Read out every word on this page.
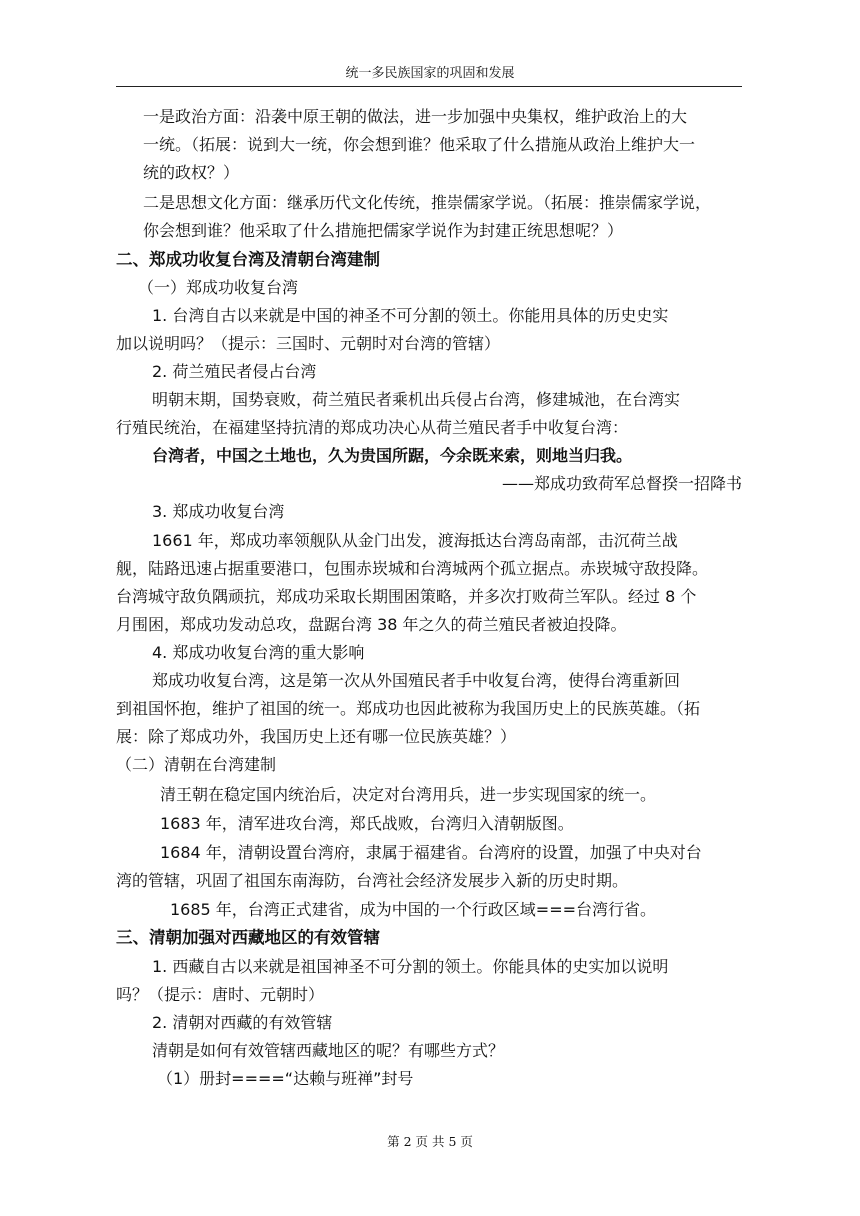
统一多民族国家的巩固和发展
一是政治方面：沿袭中原王朝的做法，进一步加强中央集权，维护政治上的大
一统。（拓展：说到大一统，你会想到谁？他采取了什么措施从政治上维护大一
统的政权？）
二是思想文化方面：继承历代文化传统，推崇儒家学说。（拓展：推崇儒家学说，
你会想到谁？他采取了什么措施把儒家学说作为封建正统思想呢？）
二、郑成功收复台湾及清朝台湾建制
（一）郑成功收复台湾
1. 台湾自古以来就是中国的神圣不可分割的领土。你能用具体的历史史实
加以说明吗？（提示：三国时、元朝时对台湾的管辖）
2. 荷兰殖民者侵占台湾
明朝末期，国势衰败，荷兰殖民者乘机出兵侵占台湾，修建城池，在台湾实
行殖民统治，在福建坚持抗清的郑成功决心从荷兰殖民者手中收复台湾：
台湾者，中国之土地也，久为贵国所踞，今余既来索，则地当归我。
——郑成功致荷军总督揆一招降书
3. 郑成功收复台湾
1661 年，郑成功率领舰队从金门出发，渡海抵达台湾岛南部，击沉荷兰战
舰，陆路迅速占据重要港口，包围赤崁城和台湾城两个孤立据点。赤崁城守敌投降。
台湾城守敌负隅顽抗，郑成功采取长期围困策略，并多次打败荷兰军队。经过 8 个
月围困，郑成功发动总攻，盘踞台湾 38 年之久的荷兰殖民者被迫投降。
4. 郑成功收复台湾的重大影响
郑成功收复台湾，这是第一次从外国殖民者手中收复台湾，使得台湾重新回
到祖国怀抱，维护了祖国的统一。郑成功也因此被称为我国历史上的民族英雄。（拓
展：除了郑成功外，我国历史上还有哪一位民族英雄？）
（二）清朝在台湾建制
清王朝在稳定国内统治后，决定对台湾用兵，进一步实现国家的统一。
1683 年，清军进攻台湾，郑氏战败，台湾归入清朝版图。
1684 年，清朝设置台湾府，隶属于福建省。台湾府的设置，加强了中央对台
湾的管辖，巩固了祖国东南海防，台湾社会经济发展步入新的历史时期。
1685 年，台湾正式建省，成为中国的一个行政区域===台湾行省。
三、清朝加强对西藏地区的有效管辖
1. 西藏自古以来就是祖国神圣不可分割的领土。你能具体的史实加以说明
吗？（提示：唐时、元朝时）
2. 清朝对西藏的有效管辖
清朝是如何有效管辖西藏地区的呢？有哪些方式？
（1）册封====“达赖与班禅”封号
第 2 页 共 5 页
